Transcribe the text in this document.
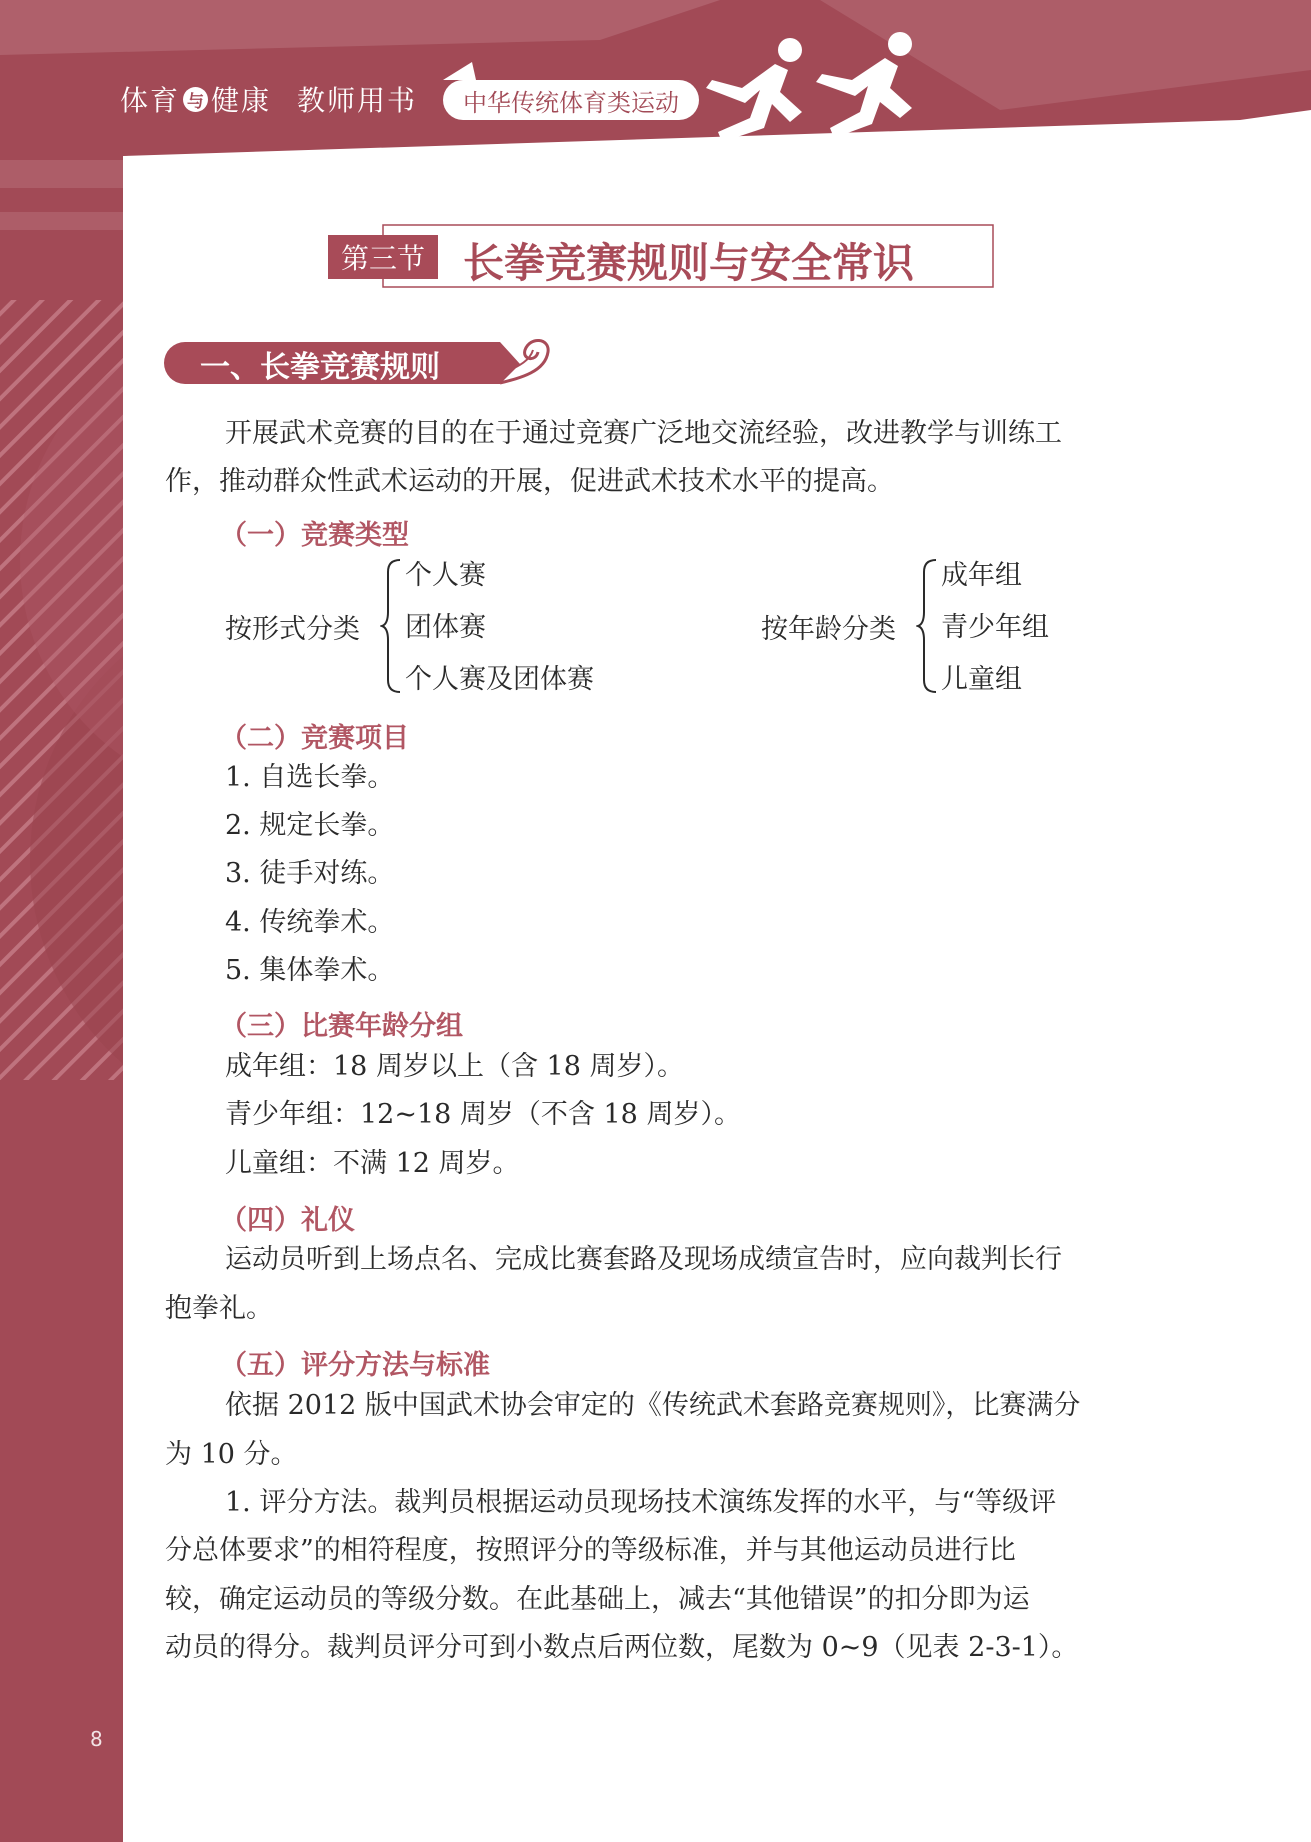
体育 与 健康 教师用书	中华传统体育类运动
第三节 长拳竞赛规则与安全常识
一、长拳竞赛规则
开展武术竞赛的目的在于通过竞赛广泛地交流经验，改进教学与训练工
作，推动群众性武术运动的开展，促进武术技术水平的提高。
（一）竞赛类型
按形式分类
个人赛
团体赛
个人赛及团体赛
按年龄分类
成年组
青少年组
儿童组
（二）竞赛项目
1. 自选长拳。
2. 规定长拳。
3. 徒手对练。
4. 传统拳术。
5. 集体拳术。
（三）比赛年龄分组
成年组：18 周岁以上（含 18 周岁）。
青少年组：12~18 周岁（不含 18 周岁）。
儿童组：不满 12 周岁。
（四）礼仪
运动员听到上场点名、完成比赛套路及现场成绩宣告时，应向裁判长行
抱拳礼。
（五）评分方法与标准
依据 2012 版中国武术协会审定的《传统武术套路竞赛规则》，比赛满分
为 10 分。
1. 评分方法。裁判员根据运动员现场技术演练发挥的水平，与“等级评
分总体要求”的相符程度，按照评分的等级标准，并与其他运动员进行比
较，确定运动员的等级分数。在此基础上，减去“其他错误”的扣分即为运
动员的得分。裁判员评分可到小数点后两位数，尾数为 0~9（见表 2-3-1）。
8
